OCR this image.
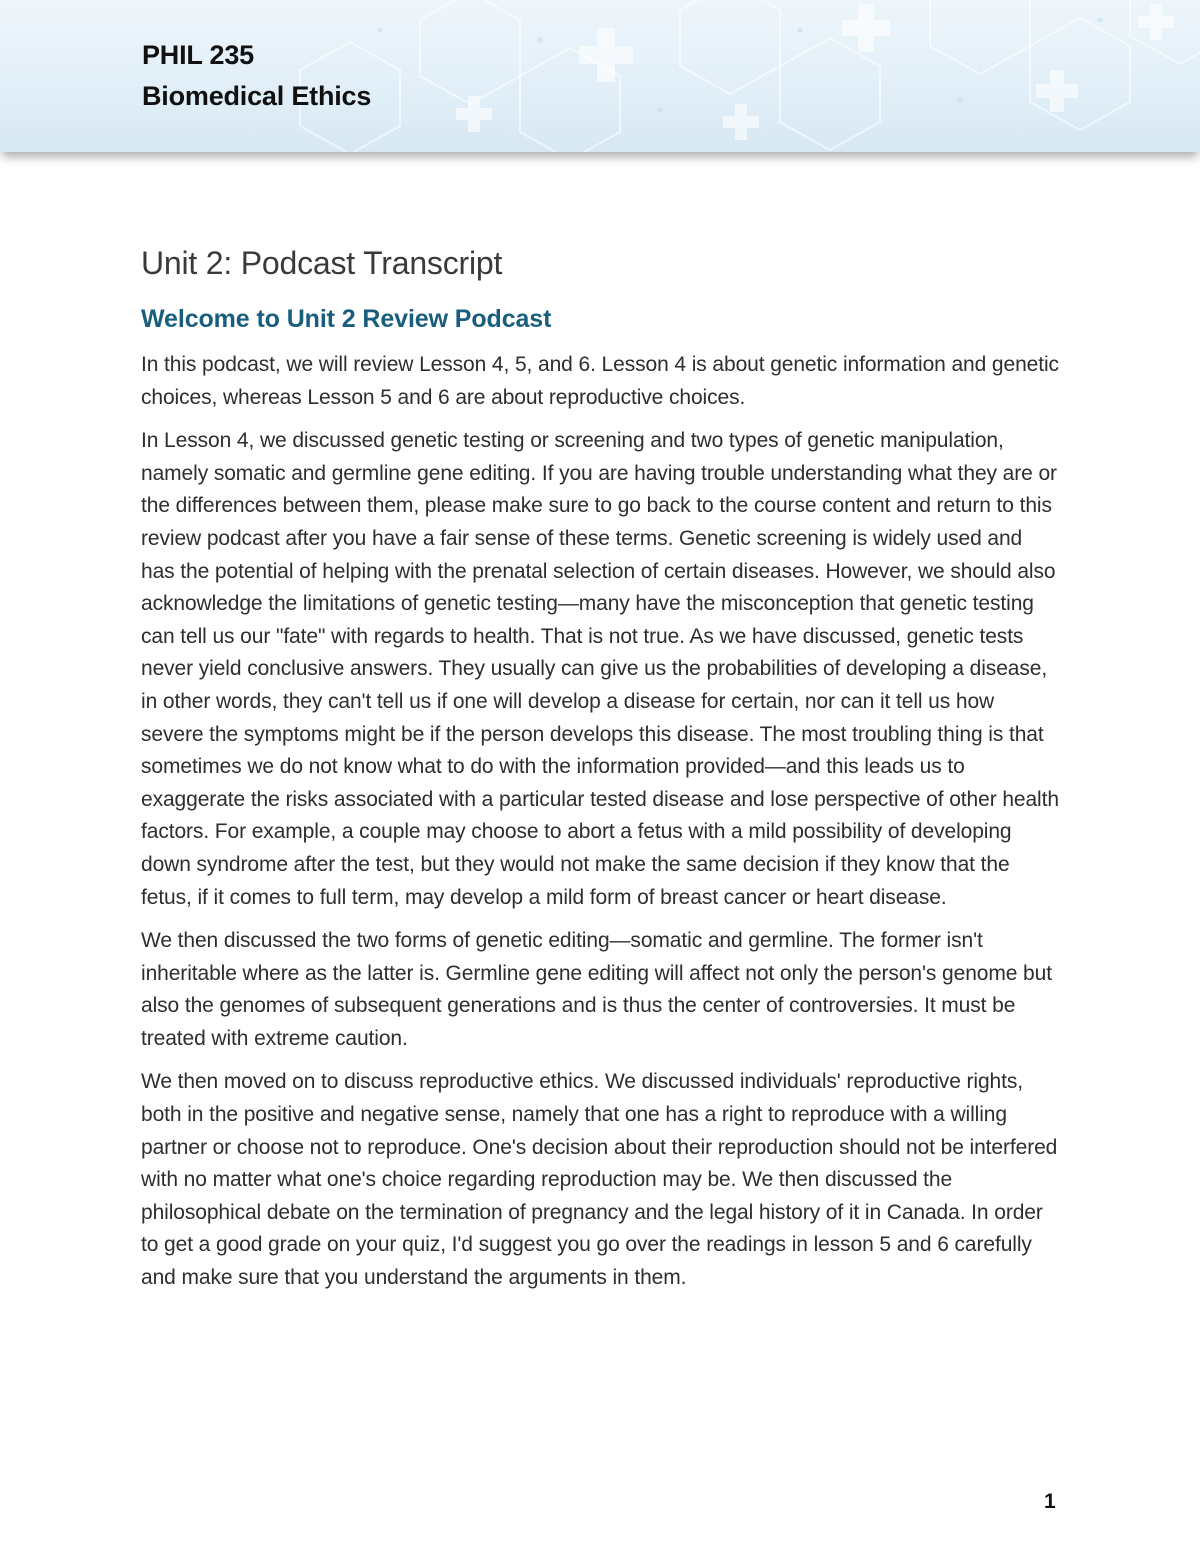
PHIL 235
Biomedical Ethics
Unit 2: Podcast Transcript
Welcome to Unit 2 Review Podcast

In this podcast, we will review Lesson 4, 5, and 6. Lesson 4 is about genetic information and genetic choices, whereas Lesson 5 and 6 are about reproductive choices.

In Lesson 4, we discussed genetic testing or screening and two types of genetic manipulation, namely somatic and germline gene editing. If you are having trouble understanding what they are or the differences between them, please make sure to go back to the course content and return to this review podcast after you have a fair sense of these terms. Genetic screening is widely used and has the potential of helping with the prenatal selection of certain diseases. However, we should also acknowledge the limitations of genetic testing—many have the misconception that genetic testing can tell us our "fate" with regards to health. That is not true. As we have discussed, genetic tests never yield conclusive answers. They usually can give us the probabilities of developing a disease, in other words, they can't tell us if one will develop a disease for certain, nor can it tell us how severe the symptoms might be if the person develops this disease. The most troubling thing is that sometimes we do not know what to do with the information provided—and this leads us to exaggerate the risks associated with a particular tested disease and lose perspective of other health factors. For example, a couple may choose to abort a fetus with a mild possibility of developing down syndrome after the test, but they would not make the same decision if they know that the fetus, if it comes to full term, may develop a mild form of breast cancer or heart disease.

We then discussed the two forms of genetic editing—somatic and germline. The former isn't inheritable where as the latter is. Germline gene editing will affect not only the person's genome but also the genomes of subsequent generations and is thus the center of controversies. It must be treated with extreme caution.

We then moved on to discuss reproductive ethics. We discussed individuals' reproductive rights, both in the positive and negative sense, namely that one has a right to reproduce with a willing partner or choose not to reproduce. One's decision about their reproduction should not be interfered with no matter what one's choice regarding reproduction may be. We then discussed the philosophical debate on the termination of pregnancy and the legal history of it in Canada. In order to get a good grade on your quiz, I'd suggest you go over the readings in lesson 5 and 6 carefully and make sure that you understand the arguments in them.

1
